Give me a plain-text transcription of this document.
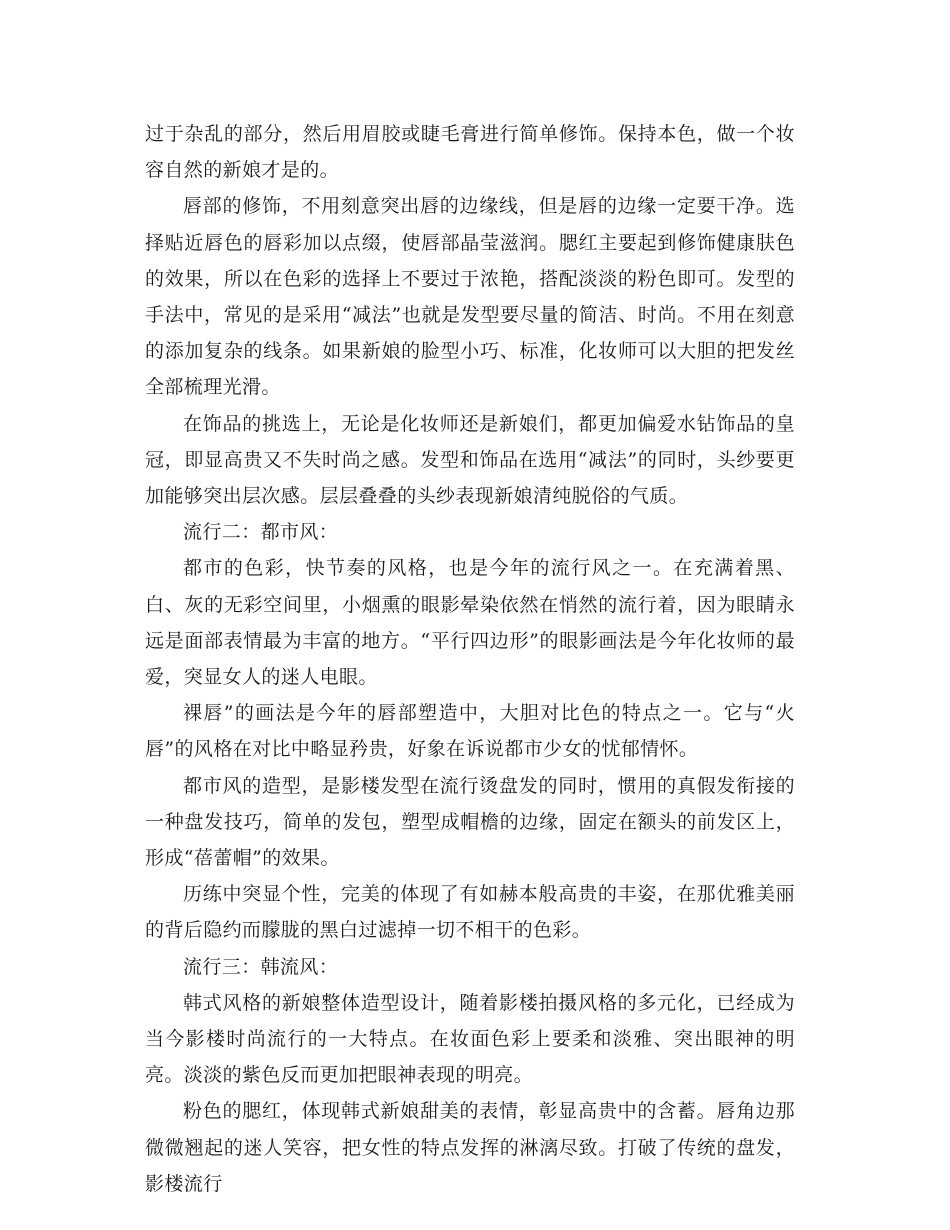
过于杂乱的部分，然后用眉胶或睫毛膏进行简单修饰。保持本色，做一个妆容自然的新娘才是的。

唇部的修饰，不用刻意突出唇的边缘线，但是唇的边缘一定要干净。选择贴近唇色的唇彩加以点缀，使唇部晶莹滋润。腮红主要起到修饰健康肤色的效果，所以在色彩的选择上不要过于浓艳，搭配淡淡的粉色即可。发型的手法中，常见的是采用“减法”也就是发型要尽量的简洁、时尚。不用在刻意的添加复杂的线条。如果新娘的脸型小巧、标准，化妆师可以大胆的把发丝全部梳理光滑。

在饰品的挑选上，无论是化妆师还是新娘们，都更加偏爱水钻饰品的皇冠，即显高贵又不失时尚之感。发型和饰品在选用“减法”的同时，头纱要更加能够突出层次感。层层叠叠的头纱表现新娘清纯脱俗的气质。

流行二：都市风：

都市的色彩，快节奏的风格，也是今年的流行风之一。在充满着黑、白、灰的无彩空间里，小烟熏的眼影晕染依然在悄然的流行着，因为眼睛永远是面部表情最为丰富的地方。“平行四边形”的眼影画法是今年化妆师的最爱，突显女人的迷人电眼。

裸唇”的画法是今年的唇部塑造中，大胆对比色的特点之一。它与“火唇”的风格在对比中略显矜贵，好象在诉说都市少女的忧郁情怀。

都市风的造型，是影楼发型在流行烫盘发的同时，惯用的真假发衔接的一种盘发技巧，简单的发包，塑型成帽檐的边缘，固定在额头的前发区上，形成“蓓蕾帽”的效果。

历练中突显个性，完美的体现了有如赫本般高贵的丰姿，在那优雅美丽的背后隐约而朦胧的黑白过滤掉一切不相干的色彩。

流行三：韩流风：

韩式风格的新娘整体造型设计，随着影楼拍摄风格的多元化，已经成为当今影楼时尚流行的一大特点。在妆面色彩上要柔和淡雅、突出眼神的明亮。淡淡的紫色反而更加把眼神表现的明亮。

粉色的腮红，体现韩式新娘甜美的表情，彰显高贵中的含蓄。唇角边那微微翘起的迷人笑容，把女性的特点发挥的淋漓尽致。打破了传统的盘发，影楼流行
